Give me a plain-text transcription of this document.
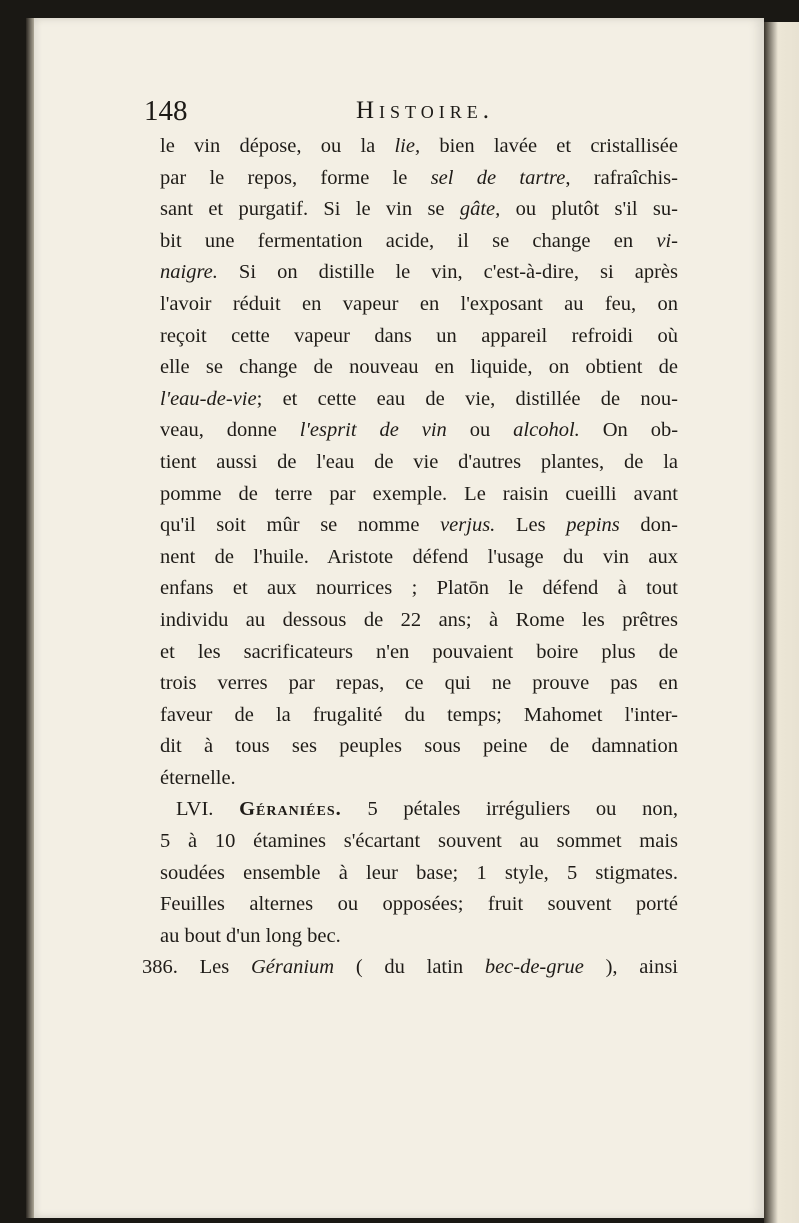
148	Histoire.
le vin dépose, ou la lie, bien lavée et cristallisée
par le repos, forme le sel de tartre, rafraîchis-
sant et purgatif. Si le vin se gâte, ou plutôt s'il su-
bit une fermentation acide, il se change en vi-
naigre. Si on distille le vin, c'est-à-dire, si après
l'avoir réduit en vapeur en l'exposant au feu, on
reçoit cette vapeur dans un appareil refroidi où
elle se change de nouveau en liquide, on obtient de
l'eau-de-vie; et cette eau de vie, distillée de nou-
veau, donne l'esprit de vin ou alcohol. On ob-
tient aussi de l'eau de vie d'autres plantes, de la
pomme de terre par exemple. Le raisin cueilli avant
qu'il soit mûr se nomme verjus. Les pepins don-
nent de l'huile. Aristote défend l'usage du vin aux
enfans et aux nourrices ; Platōn le défend à tout
individu au dessous de 22 ans; à Rome les prêtres
et les sacrificateurs n'en pouvaient boire plus de
trois verres par repas, ce qui ne prouve pas en
faveur de la frugalité du temps; Mahomet l'inter-
dit à tous ses peuples sous peine de damnation
éternelle.
LVI. Géraniées. 5 pétales irréguliers ou non,
5 à 10 étamines s'écartant souvent au sommet mais
soudées ensemble à leur base; 1 style, 5 stigmates.
Feuilles alternes ou opposées; fruit souvent porté
au bout d'un long bec.
386. Les Géranium ( du latin bec-de-grue ), ainsi
